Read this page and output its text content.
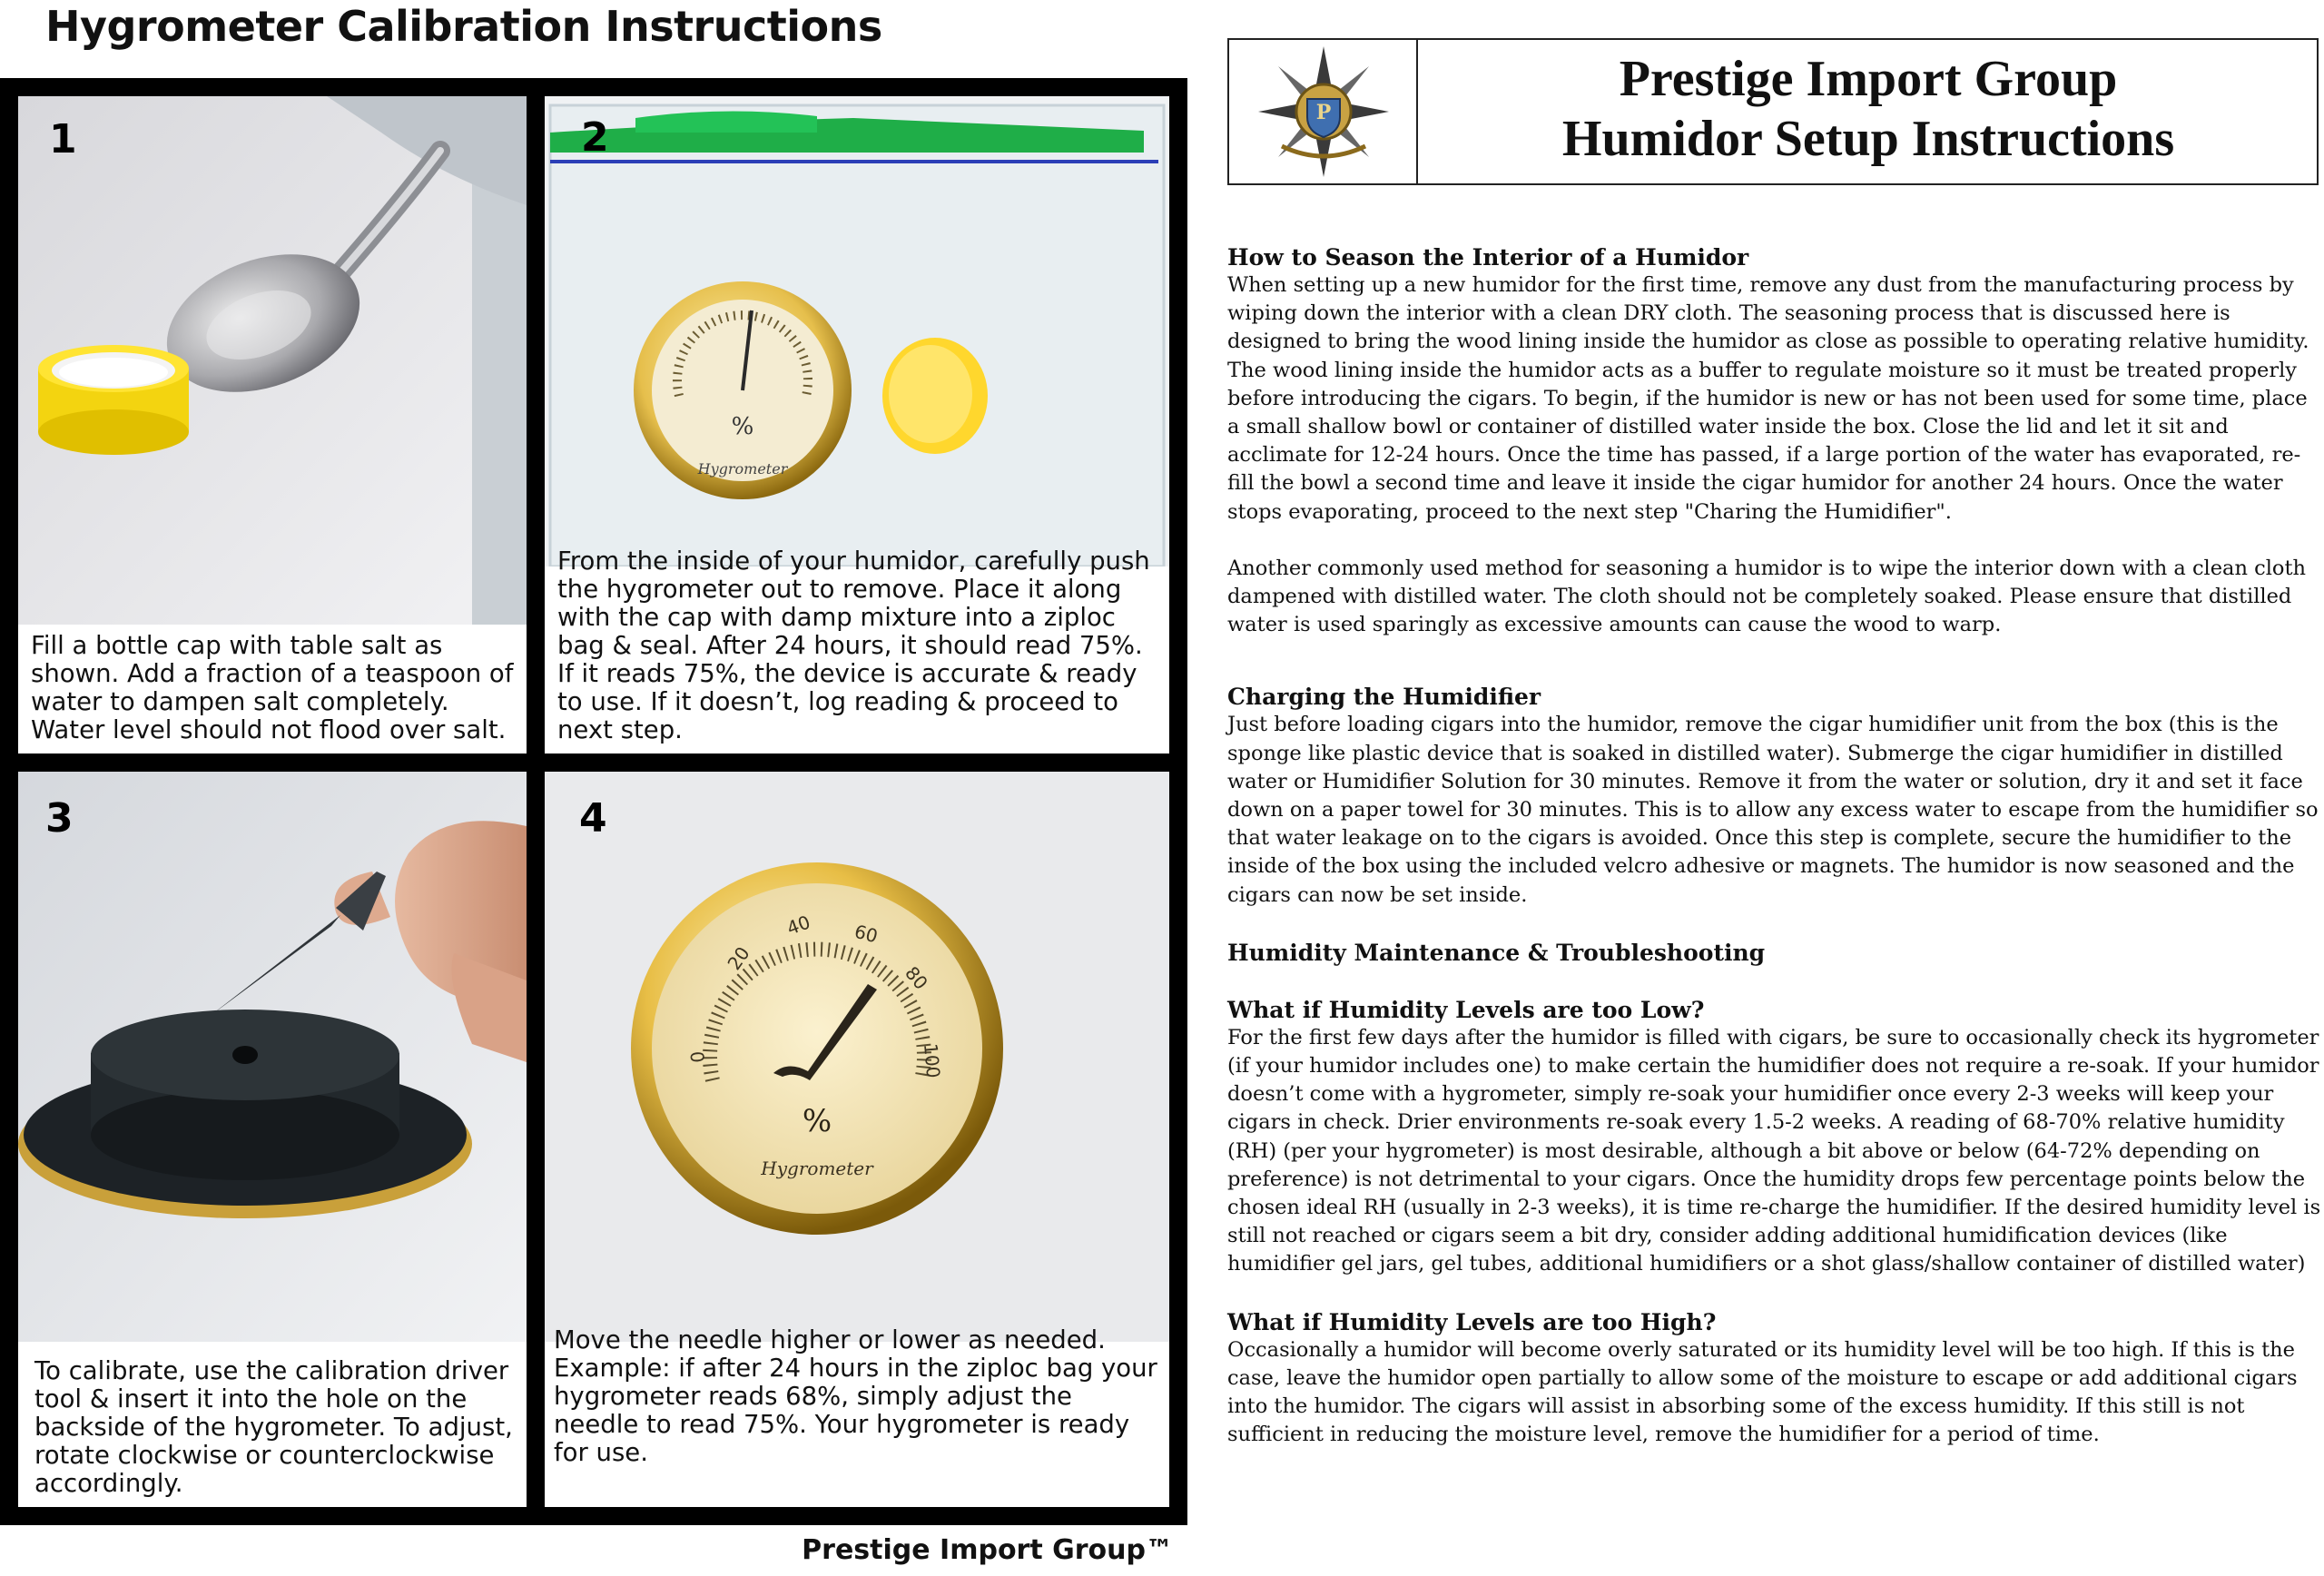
Hygrometer Calibration Instructions
1
Fill a bottle cap with table salt as shown. Add a fraction of a teaspoon of water to dampen salt completely. Water level should not flood over salt.
%
Hygrometer
2
From the inside of your humidor, carefully push the hygrometer out to remove. Place it along with the cap with damp mixture into a ziploc bag & seal. After 24 hours, it should read 75%. If it reads 75%, the device is accurate & ready to use. If it doesn’t, log reading & proceed to next step.
3
To calibrate, use the calibration driver tool & insert it into the hole on the backside of the hygrometer. To adjust, rotate clockwise or counterclockwise accordingly.
0
20
40 60
80
100
%
Hygrometer
4
Move the needle higher or lower as needed. Example: if after 24 hours in the ziploc bag your hygrometer reads 68%, simply adjust the needle to read 75%. Your hygrometer is ready for use.
Prestige Import Group™
P
Prestige Import Group
Humidor Setup Instructions
How to Season the Interior of a Humidor

When setting up a new humidor for the first time, remove any dust from the manufacturing process by wiping down the interior with a clean DRY cloth. The seasoning process that is discussed here is designed to bring the wood lining inside the humidor as close as possible to operating relative humidity. The wood lining inside the humidor acts as a buffer to regulate moisture so it must be treated properly before introducing the cigars. To begin, if the humidor is new or has not been used for some time, place a small shallow bowl or container of distilled water inside the box. Close the lid and let it sit and acclimate for 12-24 hours. Once the time has passed, if a large portion of the water has evaporated, re-fill the bowl a second time and leave it inside the cigar humidor for another 24 hours. Once the water stops evaporating, proceed to the next step "Charing the Humidifier".

Another commonly used method for seasoning a humidor is to wipe the interior down with a clean cloth dampened with distilled water. The cloth should not be completely soaked. Please ensure that distilled water is used sparingly as excessive amounts can cause the wood to warp.

Charging the Humidifier

Just before loading cigars into the humidor, remove the cigar humidifier unit from the box (this is the sponge like plastic device that is soaked in distilled water). Submerge the cigar humidifier in distilled water or Humidifier Solution for 30 minutes. Remove it from the water or solution, dry it and set it face down on a paper towel for 30 minutes. This is to allow any excess water to escape from the humidifier so that water leakage on to the cigars is avoided. Once this step is complete, secure the humidifier to the inside of the box using the included velcro adhesive or magnets. The humidor is now seasoned and the cigars can now be set inside.

Humidity Maintenance & Troubleshooting
What if Humidity Levels are too Low?

For the first few days after the humidor is filled with cigars, be sure to occasionally check its hygrometer (if your humidor includes one) to make certain the humidifier does not require a re-soak. If your humidor doesn’t come with a hygrometer, simply re-soak your humidifier once every 2-3 weeks will keep your cigars in check. Drier environments re-soak every 1.5-2 weeks. A reading of 68-70% relative humidity (RH) (per your hygrometer) is most desirable, although a bit above or below (64-72% depending on preference) is not detrimental to your cigars. Once the humidity drops few percentage points below the chosen ideal RH (usually in 2-3 weeks), it is time re-charge the humidifier. If the desired humidity level is still not reached or cigars seem a bit dry, consider adding additional humidification devices (like humidifier gel jars, gel tubes, additional humidifiers or a shot glass/shallow container of distilled water)

What if Humidity Levels are too High?

Occasionally a humidor will become overly saturated or its humidity level will be too high. If this is the case, leave the humidor open partially to allow some of the moisture to escape or add additional cigars into the humidor. The cigars will assist in absorbing some of the excess humidity. If this still is not sufficient in reducing the moisture level, remove the humidifier for a period of time.
